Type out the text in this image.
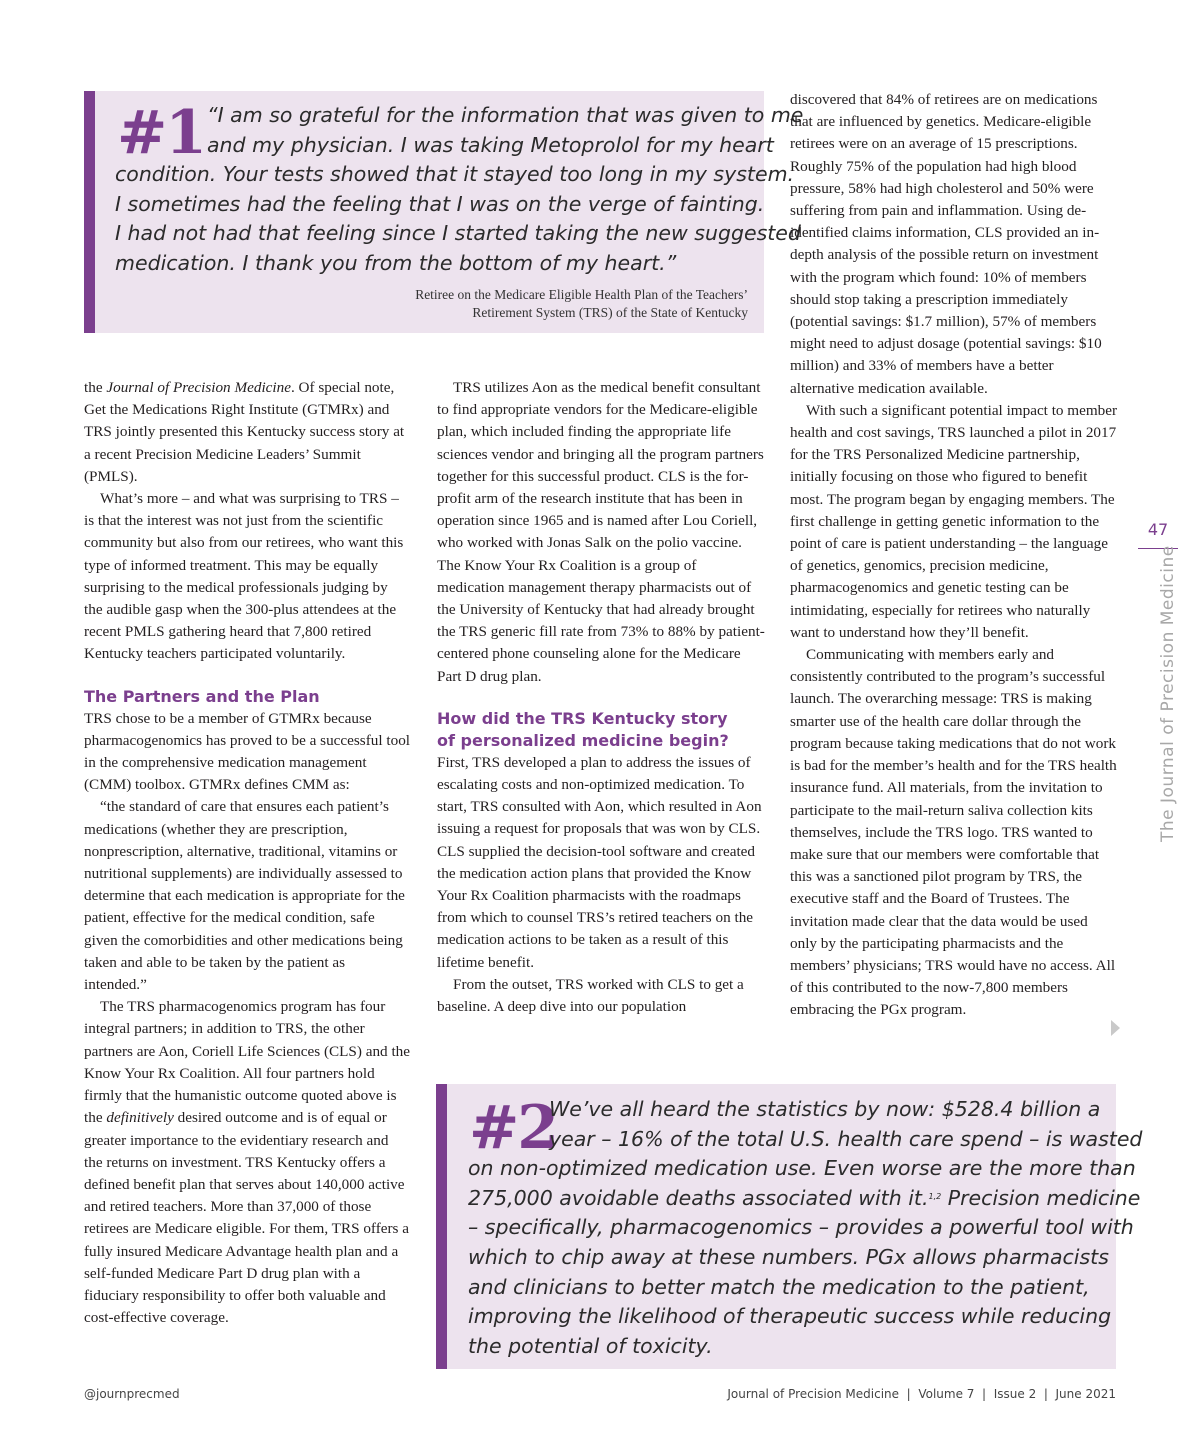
#1 “I am so grateful for the information that was given to me
and my physician. I was taking Metoprolol for my heart
condition. Your tests showed that it stayed too long in my system.
I sometimes had the feeling that I was on the verge of fainting.
I had not had that feeling since I started taking the new suggested
medication. I thank you from the bottom of my heart.”
Retiree on the Medicare Eligible Health Plan of the Teachers’
Retirement System (TRS) of the State of Kentucky

the Journal of Precision Medicine. Of special note, Get the Medications Right Institute (GTMRx) and TRS jointly presented this Kentucky success story at a recent Precision Medicine Leaders’ Summit (PMLS).

What’s more – and what was surprising to TRS – is that the interest was not just from the scientific community but also from our retirees, who want this type of informed treatment. This may be equally surprising to the medical professionals judging by the audible gasp when the 300-plus attendees at the recent PMLS gathering heard that 7,800 retired Kentucky teachers participated voluntarily.

The Partners and the Plan

TRS chose to be a member of GTMRx because pharmacogenomics has proved to be a successful tool in the comprehensive medication management (CMM) toolbox. GTMRx defines CMM as:

“the standard of care that ensures each patient’s medications (whether they are prescription, nonprescription, alternative, traditional, vitamins or nutritional supplements) are individually assessed to determine that each medication is appropriate for the patient, effective for the medical condition, safe given the comorbidities and other medications being taken and able to be taken by the patient as intended.”

The TRS pharmacogenomics program has four integral partners; in addition to TRS, the other partners are Aon, Coriell Life Sciences (CLS) and the Know Your Rx Coalition. All four partners hold firmly that the humanistic outcome quoted above is the definitively desired outcome and is of equal or greater importance to the evidentiary research and the returns on investment. TRS Kentucky offers a defined benefit plan that serves about 140,000 active and retired teachers. More than 37,000 of those retirees are Medicare eligible. For them, TRS offers a fully insured Medicare Advantage health plan and a self-funded Medicare Part D drug plan with a fiduciary responsibility to offer both valuable and cost-effective coverage.

TRS utilizes Aon as the medical benefit consultant to find appropriate vendors for the Medicare-eligible plan, which included finding the appropriate life sciences vendor and bringing all the program partners together for this successful product. CLS is the for-profit arm of the research institute that has been in operation since 1965 and is named after Lou Coriell, who worked with Jonas Salk on the polio vaccine. The Know Your Rx Coalition is a group of medication management therapy pharmacists out of the University of Kentucky that had already brought the TRS generic fill rate from 73% to 88% by patient-centered phone counseling alone for the Medicare Part D drug plan.

How did the TRS Kentucky story of personalized medicine begin?

First, TRS developed a plan to address the issues of escalating costs and non-optimized medication. To start, TRS consulted with Aon, which resulted in Aon issuing a request for proposals that was won by CLS. CLS supplied the decision-tool software and created the medication action plans that provided the Know Your Rx Coalition pharmacists with the roadmaps from which to counsel TRS’s retired teachers on the medication actions to be taken as a result of this lifetime benefit.

From the outset, TRS worked with CLS to get a baseline. A deep dive into our population

discovered that 84% of retirees are on medications that are influenced by genetics. Medicare-eligible retirees were on an average of 15 prescriptions. Roughly 75% of the population had high blood pressure, 58% had high cholesterol and 50% were suffering from pain and inflammation. Using de-identified claims information, CLS provided an in-depth analysis of the possible return on investment with the program which found: 10% of members should stop taking a prescription immediately (potential savings: $1.7 million), 57% of members might need to adjust dosage (potential savings: $10 million) and 33% of members have a better alternative medication available.

With such a significant potential impact to member health and cost savings, TRS launched a pilot in 2017 for the TRS Personalized Medicine partnership, initially focusing on those who figured to benefit most. The program began by engaging members. The first challenge in getting genetic information to the point of care is patient understanding – the language of genetics, genomics, precision medicine, pharmacogenomics and genetic testing can be intimidating, especially for retirees who naturally want to understand how they’ll benefit.

Communicating with members early and consistently contributed to the program’s successful launch. The overarching message: TRS is making smarter use of the health care dollar through the program because taking medications that do not work is bad for the member’s health and for the TRS health insurance fund. All materials, from the invitation to participate to the mail-return saliva collection kits themselves, include the TRS logo. TRS wanted to make sure that our members were comfortable that this was a sanctioned pilot program by TRS, the executive staff and the Board of Trustees. The invitation made clear that the data would be used only by the participating pharmacists and the members’ physicians; TRS would have no access. All of this contributed to the now-7,800 members embracing the PGx program.

47
The Journal of Precision Medicine
#2
We’ve all heard the statistics by now: $528.4 billion a
year – 16% of the total U.S. health care spend – is wasted
on non-optimized medication use. Even worse are the more than
275,000 avoidable deaths associated with it.$^{1,2}$ Precision medicine
– specifically, pharmacogenomics – provides a powerful tool with
which to chip away at these numbers. PGx allows pharmacists
and clinicians to better match the medication to the patient,
improving the likelihood of therapeutic success while reducing
the potential of toxicity.
@journprecmed	Journal of Precision Medicine  |  Volume 7  |  Issue 2  |  June 2021
